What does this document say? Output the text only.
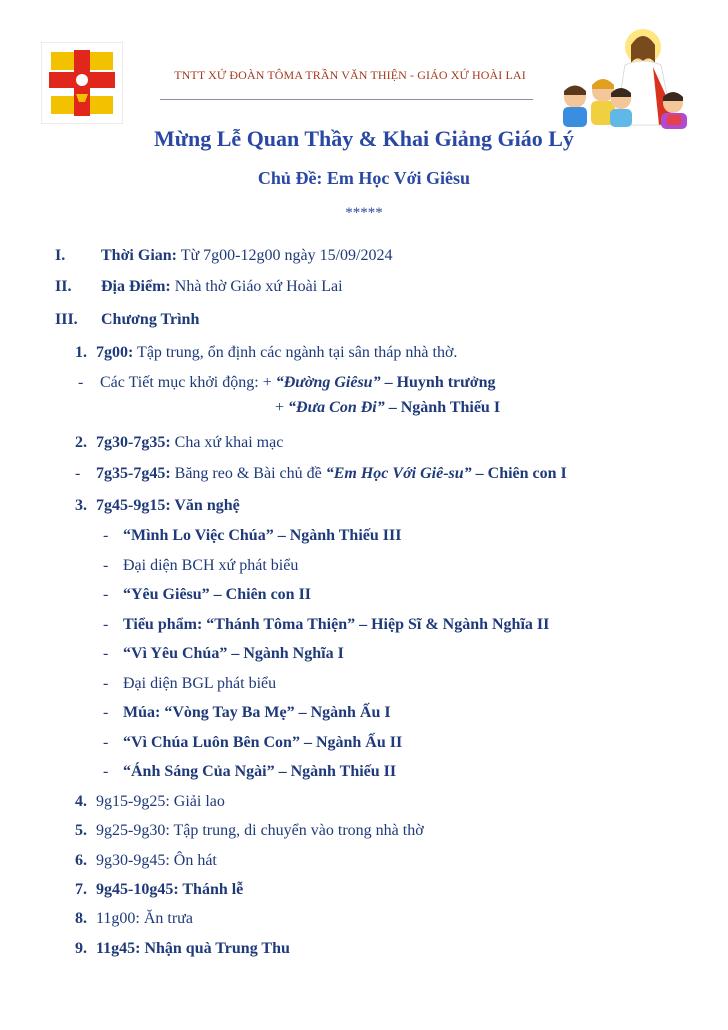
TNTT XỨ ĐOÀN TÔMA TRẦN VĂN THIỆN - GIÁO XỨ HOÀI LAI
Mừng Lễ Quan Thầy & Khai Giảng Giáo Lý
Chủ Đề: Em Học Với Giêsu
*****
I. Thời Gian: Từ 7g00-12g00 ngày 15/09/2024
II. Địa Điểm: Nhà thờ Giáo xứ Hoài Lai
III. Chương Trình
1. 7g00: Tập trung, ổn định các ngành tại sân tháp nhà thờ.
- Các Tiết mục khởi động: + “Đường Giêsu” – Huynh trưởng
+ “Đưa Con Đi” – Ngành Thiếu I
2. 7g30-7g35: Cha xứ khai mạc
- 7g35-7g45: Băng reo & Bài chủ đề “Em Học Với Giê-su” – Chiên con I
3. 7g45-9g15: Văn nghệ
- “Mình Lo Việc Chúa” – Ngành Thiếu III
- Đại diện BCH xứ phát biểu
- “Yêu Giêsu” – Chiên con II
- Tiểu phẩm: “Thánh Tôma Thiện” – Hiệp Sĩ & Ngành Nghĩa II
- “Vì Yêu Chúa” – Ngành Nghĩa I
- Đại diện BGL phát biểu
- Múa: “Vòng Tay Ba Mẹ” – Ngành Ấu I
- “Vì Chúa Luôn Bên Con” – Ngành Ấu II
- “Ánh Sáng Của Ngài” – Ngành Thiếu II
4. 9g15-9g25: Giải lao
5. 9g25-9g30: Tập trung, di chuyển vào trong nhà thờ
6. 9g30-9g45: Ôn hát
7. 9g45-10g45: Thánh lễ
8. 11g00: Ăn trưa
9. 11g45: Nhận quà Trung Thu
